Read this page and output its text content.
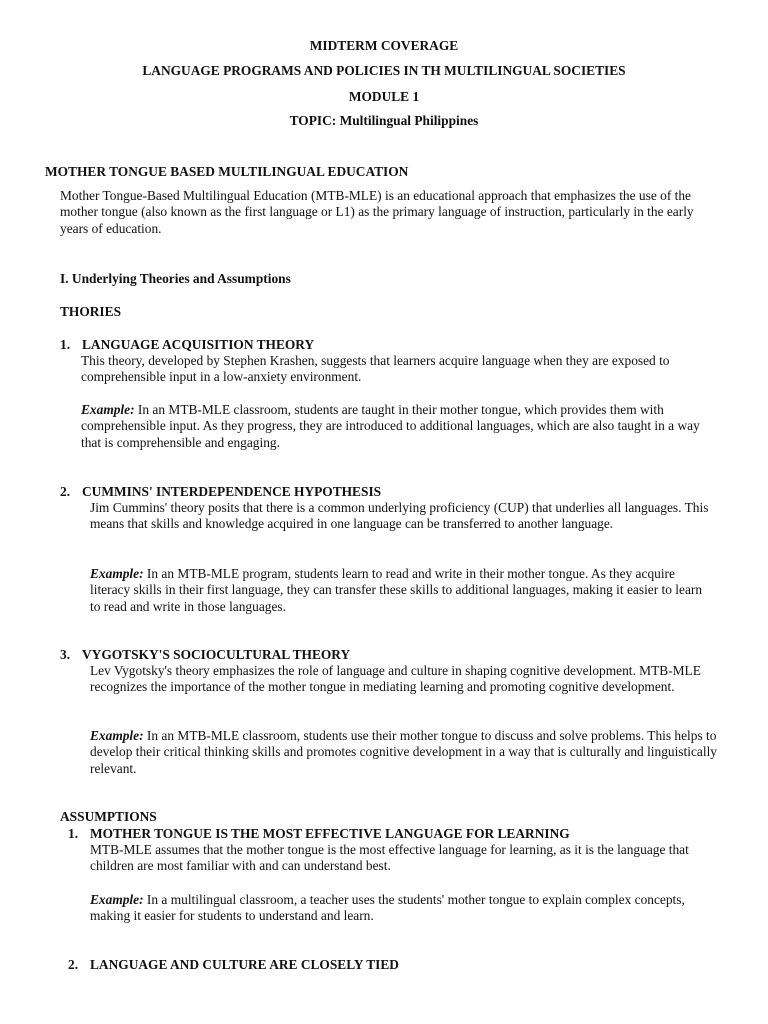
MIDTERM COVERAGE
LANGUAGE PROGRAMS AND POLICIES IN TH MULTILINGUAL SOCIETIES
MODULE 1
TOPIC: Multilingual Philippines
MOTHER TONGUE BASED MULTILINGUAL EDUCATION
Mother Tongue-Based Multilingual Education (MTB-MLE) is an educational approach that emphasizes the use of the mother tongue (also known as the first language or L1) as the primary language of instruction, particularly in the early years of education.
I. Underlying Theories and Assumptions
THORIES
1. LANGUAGE ACQUISITION THEORY
This theory, developed by Stephen Krashen, suggests that learners acquire language when they are exposed to comprehensible input in a low-anxiety environment.
Example: In an MTB-MLE classroom, students are taught in their mother tongue, which provides them with comprehensible input. As they progress, they are introduced to additional languages, which are also taught in a way that is comprehensible and engaging.
2. CUMMINS' INTERDEPENDENCE HYPOTHESIS
Jim Cummins' theory posits that there is a common underlying proficiency (CUP) that underlies all languages. This means that skills and knowledge acquired in one language can be transferred to another language.
Example: In an MTB-MLE program, students learn to read and write in their mother tongue. As they acquire literacy skills in their first language, they can transfer these skills to additional languages, making it easier to learn to read and write in those languages.
3. VYGOTSKY'S SOCIOCULTURAL THEORY
Lev Vygotsky's theory emphasizes the role of language and culture in shaping cognitive development. MTB-MLE recognizes the importance of the mother tongue in mediating learning and promoting cognitive development.
Example: In an MTB-MLE classroom, students use their mother tongue to discuss and solve problems. This helps to develop their critical thinking skills and promotes cognitive development in a way that is culturally and linguistically relevant.
ASSUMPTIONS
1. MOTHER TONGUE IS THE MOST EFFECTIVE LANGUAGE FOR LEARNING
MTB-MLE assumes that the mother tongue is the most effective language for learning, as it is the language that children are most familiar with and can understand best.
Example: In a multilingual classroom, a teacher uses the students' mother tongue to explain complex concepts, making it easier for students to understand and learn.
2. LANGUAGE AND CULTURE ARE CLOSELY TIED
